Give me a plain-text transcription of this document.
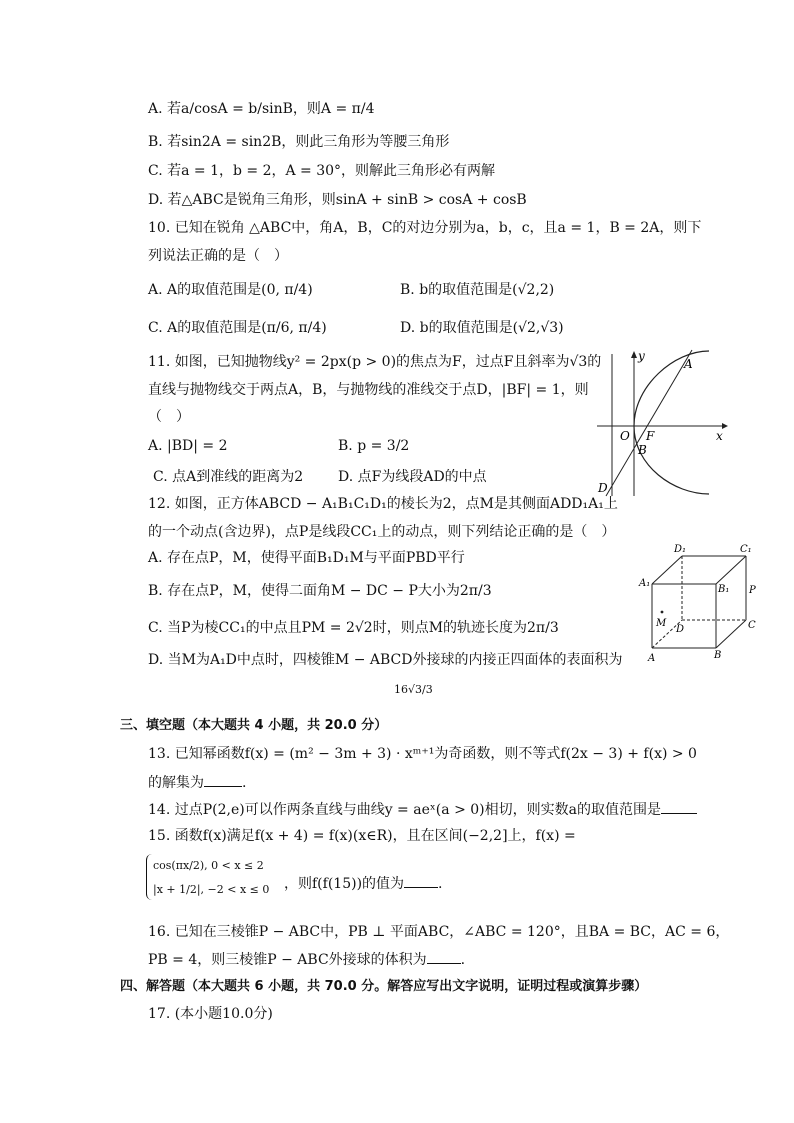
A. 若a/cosA = b/sinB，则A = π/4
B. 若sin2A = sin2B，则此三角形为等腰三角形
C. 若a = 1，b = 2，A = 30°，则解此三角形必有两解
D. 若△ABC是锐角三角形，则sinA + sinB > cosA + cosB
10. 已知在锐角 △ABC中，角A，B，C的对边分别为a，b，c，且a = 1，B = 2A，则下
列说法正确的是（　）
A. A的取值范围是(0, π/4)	B. b的取值范围是(√2,2)
C. A的取值范围是(π/6, π/4)	D. b的取值范围是(√2,√3)
11. 如图，已知抛物线y² = 2px(p > 0)的焦点为F，过点F且斜率为√3的
直线与抛物线交于两点A，B，与抛物线的准线交于点D，|BF| = 1，则
（　）
A. |BD| = 2	B. p = 3/2
C. 点A到准线的距离为2 D. 点F为线段AD的中点
y
x
O F
A
B
D
12. 如图，正方体ABCD − A₁B₁C₁D₁的棱长为2，点M是其侧面ADD₁A₁上
的一个动点(含边界)，点P是线段CC₁上的动点，则下列结论正确的是（　）
A. 存在点P，M，使得平面B₁D₁M与平面PBD平行
B. 存在点P，M，使得二面角M − DC − P大小为2π/3
C. 当P为棱CC₁的中点且PM = 2√2时，则点M的轨迹长度为2π/3
D. 当M为A₁D中点时，四棱锥M − ABCD外接球的内接正四面体的表面积为
16√3/3
D₁	C₁
A₁
B₁ P
M
D	C
A	B
三、填空题（本大题共 4 小题，共 20.0 分）
13. 已知幂函数f(x) = (m² − 3m + 3) · xᵐ⁺¹为奇函数，则不等式f(2x − 3) + f(x) > 0
的解集为	.
14. 过点P(2,e)可以作两条直线与曲线y = aeˣ(a > 0)相切，则实数a的取值范围是
15. 函数f(x)满足f(x + 4) = f(x)(x∈R)，且在区间(−2,2]上，f(x) =
cos(πx/2), 0 < x ≤ 2
|x + 1/2|, −2 < x ≤ 0 ，则f(f(15))的值为 .
16. 已知在三棱锥P − ABC中，PB ⊥ 平面ABC，∠ABC = 120°，且BA = BC，AC = 6，
PB = 4，则三棱锥P − ABC外接球的体积为 .
四、解答题（本大题共 6 小题，共 70.0 分。解答应写出文字说明，证明过程或演算步骤）
17. (本小题10.0分)
